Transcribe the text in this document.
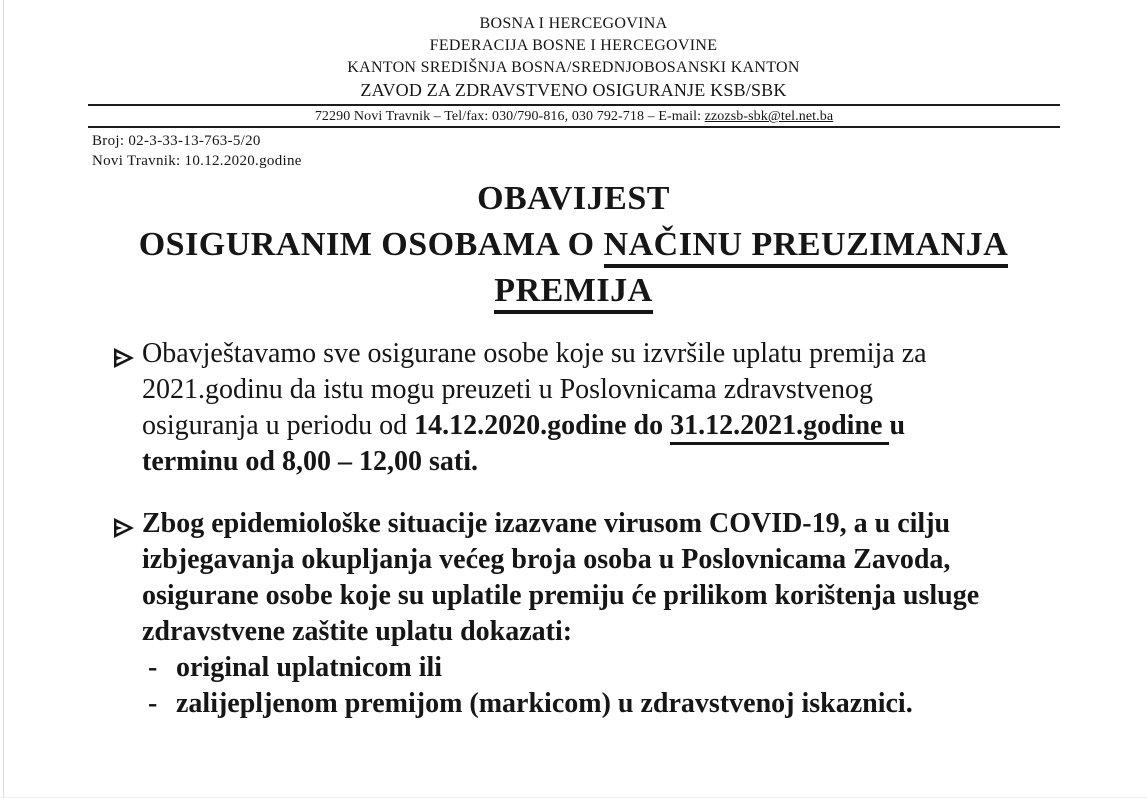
BOSNA I HERCEGOVINA
FEDERACIJA BOSNE I HERCEGOVINE
KANTON SREDIŠNJA BOSNA/SREDNJOBOSANSKI KANTON
ZAVOD ZA ZDRAVSTVENO OSIGURANJE KSB/SBK
72290 Novi Travnik – Tel/fax: 030/790-816, 030 792-718 – E-mail: zzozsb-sbk@tel.net.ba
Broj: 02-3-33-13-763-5/20
Novi Travnik: 10.12.2020.godine
OBAVIJEST
OSIGURANIM OSOBAMA O NAČINU PREUZIMANJA
PREMIJA
Obavještavamo sve osigurane osobe koje su izvršile uplatu premija za
2021.godinu da istu mogu preuzeti u Poslovnicama zdravstvenog
osiguranja u periodu od 14.12.2020.godine do 31.12.2021.godine u
terminu od 8,00 – 12,00 sati.
Zbog epidemiološke situacije izazvane virusom COVID-19, a u cilju
izbjegavanja okupljanja većeg broja osoba u Poslovnicama Zavoda,
osigurane osobe koje su uplatile premiju će prilikom korištenja usluge
zdravstvene zaštite uplatu dokazati:
- original uplatnicom ili
- zalijepljenom premijom (markicom) u zdravstvenoj iskaznici.
